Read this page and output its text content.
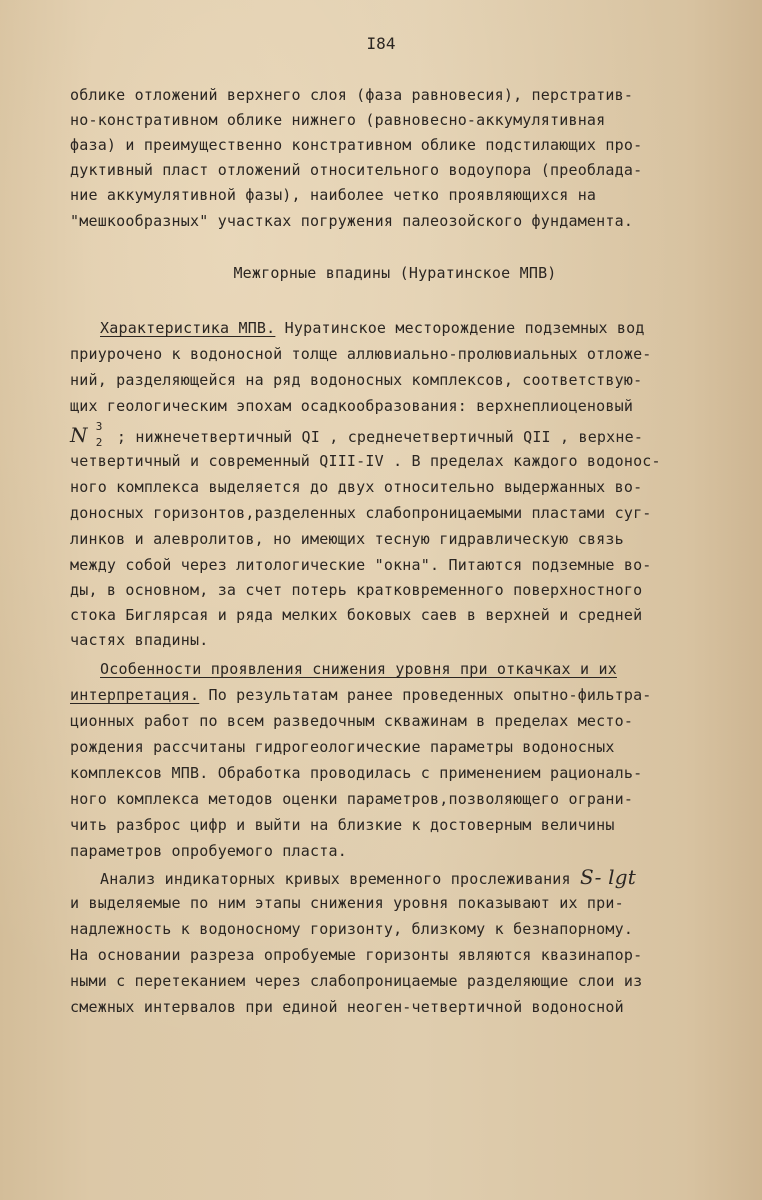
I84
облике отложений верхнего слоя (фаза равновесия), перстратив-
но-констративном облике нижнего (равновесно-аккумулятивная
фаза) и преимущественно констративном облике подстилающих про-
дуктивный пласт отложений относительного водоупора (преоблада-
ние аккумулятивной фазы), наиболее четко проявляющихся на
"мешкообразных" участках погружения палеозойского фундамента.
Межгорные впадины (Нуратинское МПВ)
Характеристика МПВ. Нуратинское месторождение подземных вод
приурочено к водоносной толще аллювиально-пролювиальных отложе-
ний, разделяющейся на ряд водоносных комплексов, соответствую-
щих геологическим эпохам осадкообразования: верхнеплиоценовый
N 3
2 ; нижнечетвертичный QI , среднечетвертичный QII , верхне-
четвертичный и современный QIII-IV . В пределах каждого водонос-
ного комплекса выделяется до двух относительно выдержанных во-
доносных горизонтов,разделенных слабопроницаемыми пластами суг-
линков и алевролитов, но имеющих тесную гидравлическую связь
между собой через литологические "окна". Питаются подземные во-
ды, в основном, за счет потерь кратковременного поверхностного
стока Биглярсая и ряда мелких боковых саев в верхней и средней
частях впадины.
Особенности проявления снижения уровня при откачках и их
интерпретация. По результатам ранее проведенных опытно-фильтра-
ционных работ по всем разведочным скважинам в пределах место-
рождения рассчитаны гидрогеологические параметры водоносных
комплексов МПВ. Обработка проводилась с применением рациональ-
ного комплекса методов оценки параметров,позволяющего ограни-
чить разброс цифр и выйти на близкие к достоверным величины
параметров опробуемого пласта.
Анализ индикаторных кривых временного прослеживания S- lgt
и выделяемые по ним этапы снижения уровня показывают их при-
надлежность к водоносному горизонту, близкому к безнапорному.
На основании разреза опробуемые горизонты являются квазинапор-
ными с перетеканием через слабопроницаемые разделяющие слои из
смежных интервалов при единой неоген-четвертичной водоносной
